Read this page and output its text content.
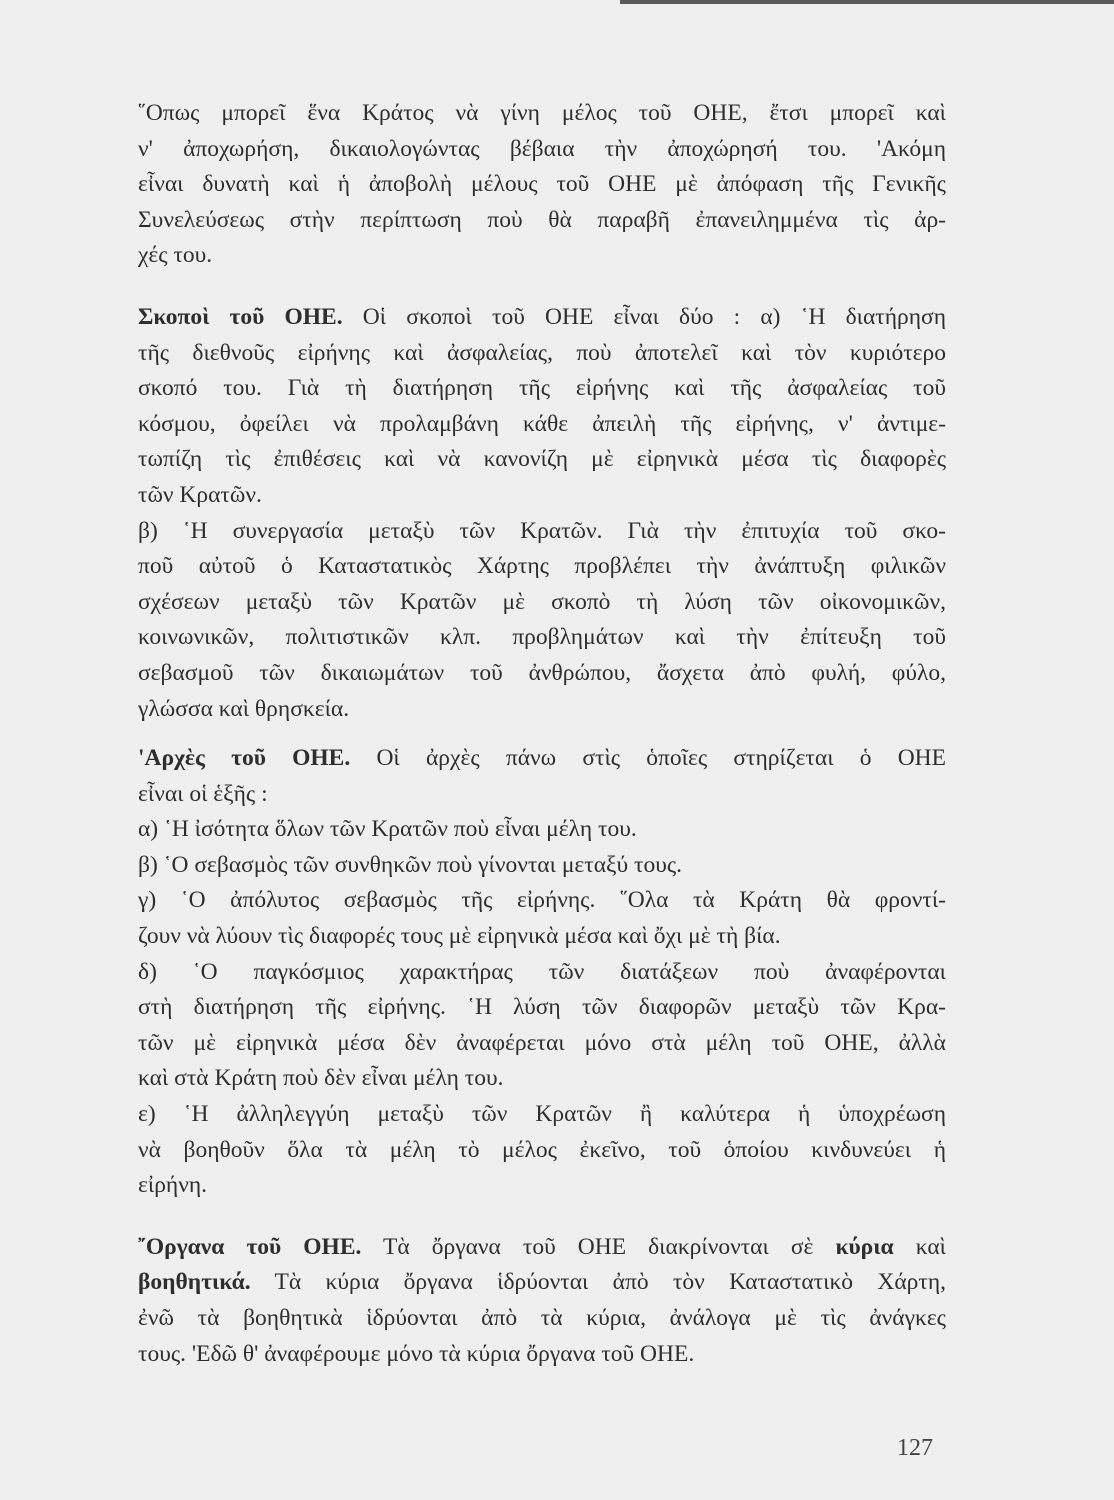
῞Οπως μπορεῖ ἕνα Κράτος νὰ γίνη μέλος τοῦ ΟΗΕ, ἔτσι μπορεῖ καὶ
ν' ἀποχωρήση, δικαιολογώντας βέβαια τὴν ἀποχώρησή του. 'Ακόμη
εἶναι δυνατὴ καὶ ἡ ἀποβολὴ μέλους τοῦ ΟΗΕ μὲ ἀπόφαση τῆς Γενικῆς
Συνελεύσεως στὴν περίπτωση ποὺ θὰ παραβῆ ἐπανειλημμένα τὶς ἀρ-
χές του.

Σκοποὶ τοῦ ΟΗΕ. Οἱ σκοποὶ τοῦ ΟΗΕ εἶναι δύο : α) ῾Η διατήρηση
τῆς διεθνοῦς εἰρήνης καὶ ἀσφαλείας, ποὺ ἀποτελεῖ καὶ τὸν κυριότερο
σκοπό του. Γιὰ τὴ διατήρηση τῆς εἰρήνης καὶ τῆς ἀσφαλείας τοῦ
κόσμου, ὀφείλει νὰ προλαμβάνη κάθε ἀπειλὴ τῆς εἰρήνης, ν' ἀντιμε-
τωπίζη τὶς ἐπιθέσεις καὶ νὰ κανονίζη μὲ εἰρηνικὰ μέσα τὶς διαφορὲς
τῶν Κρατῶν.

β) ῾Η συνεργασία μεταξὺ τῶν Κρατῶν. Γιὰ τὴν ἐπιτυχία τοῦ σκο-
ποῦ αὐτοῦ ὁ Καταστατικὸς Χάρτης προβλέπει τὴν ἀνάπτυξη φιλικῶν
σχέσεων μεταξὺ τῶν Κρατῶν μὲ σκοπὸ τὴ λύση τῶν οἰκονομικῶν,
κοινωνικῶν, πολιτιστικῶν κλπ. προβλημάτων καὶ τὴν ἐπίτευξη τοῦ
σεβασμοῦ τῶν δικαιωμάτων τοῦ ἀνθρώπου, ἄσχετα ἀπὸ φυλή, φύλο,
γλώσσα καὶ θρησκεία.

'Αρχὲς τοῦ ΟΗΕ. Οἱ ἀρχὲς πάνω στὶς ὁποῖες στηρίζεται ὁ ΟΗΕ
εἶναι οἱ ἑξῆς :

α) ῾Η ἰσότητα ὅλων τῶν Κρατῶν ποὺ εἶναι μέλη του.

β) ῾Ο σεβασμὸς τῶν συνθηκῶν ποὺ γίνονται μεταξύ τους.

γ) ῾Ο ἀπόλυτος σεβασμὸς τῆς εἰρήνης. ῞Ολα τὰ Κράτη θὰ φροντί-
ζουν νὰ λύουν τὶς διαφορές τους μὲ εἰρηνικὰ μέσα καὶ ὄχι μὲ τὴ βία.

δ) ῾Ο παγκόσμιος χαρακτήρας τῶν διατάξεων ποὺ ἀναφέρονται
στὴ διατήρηση τῆς εἰρήνης. ῾Η λύση τῶν διαφορῶν μεταξὺ τῶν Κρα-
τῶν μὲ εἰρηνικὰ μέσα δὲν ἀναφέρεται μόνο στὰ μέλη τοῦ ΟΗΕ, ἀλλὰ
καὶ στὰ Κράτη ποὺ δὲν εἶναι μέλη του.

ε) ῾Η ἀλληλεγγύη μεταξὺ τῶν Κρατῶν ἢ καλύτερα ἡ ὑποχρέωση
νὰ βοηθοῦν ὅλα τὰ μέλη τὸ μέλος ἐκεῖνο, τοῦ ὁποίου κινδυνεύει ἡ
εἰρήνη.

῎Οργανα τοῦ ΟΗΕ. Τὰ ὄργανα τοῦ ΟΗΕ διακρίνονται σὲ κύρια καὶ
βοηθητικά. Τὰ κύρια ὄργανα ἱδρύονται ἀπὸ τὸν Καταστατικὸ Χάρτη,
ἐνῶ τὰ βοηθητικὰ ἱδρύονται ἀπὸ τὰ κύρια, ἀνάλογα μὲ τὶς ἀνάγκες
τους. 'Εδῶ θ' ἀναφέρουμε μόνο τὰ κύρια ὄργανα τοῦ ΟΗΕ.

127
